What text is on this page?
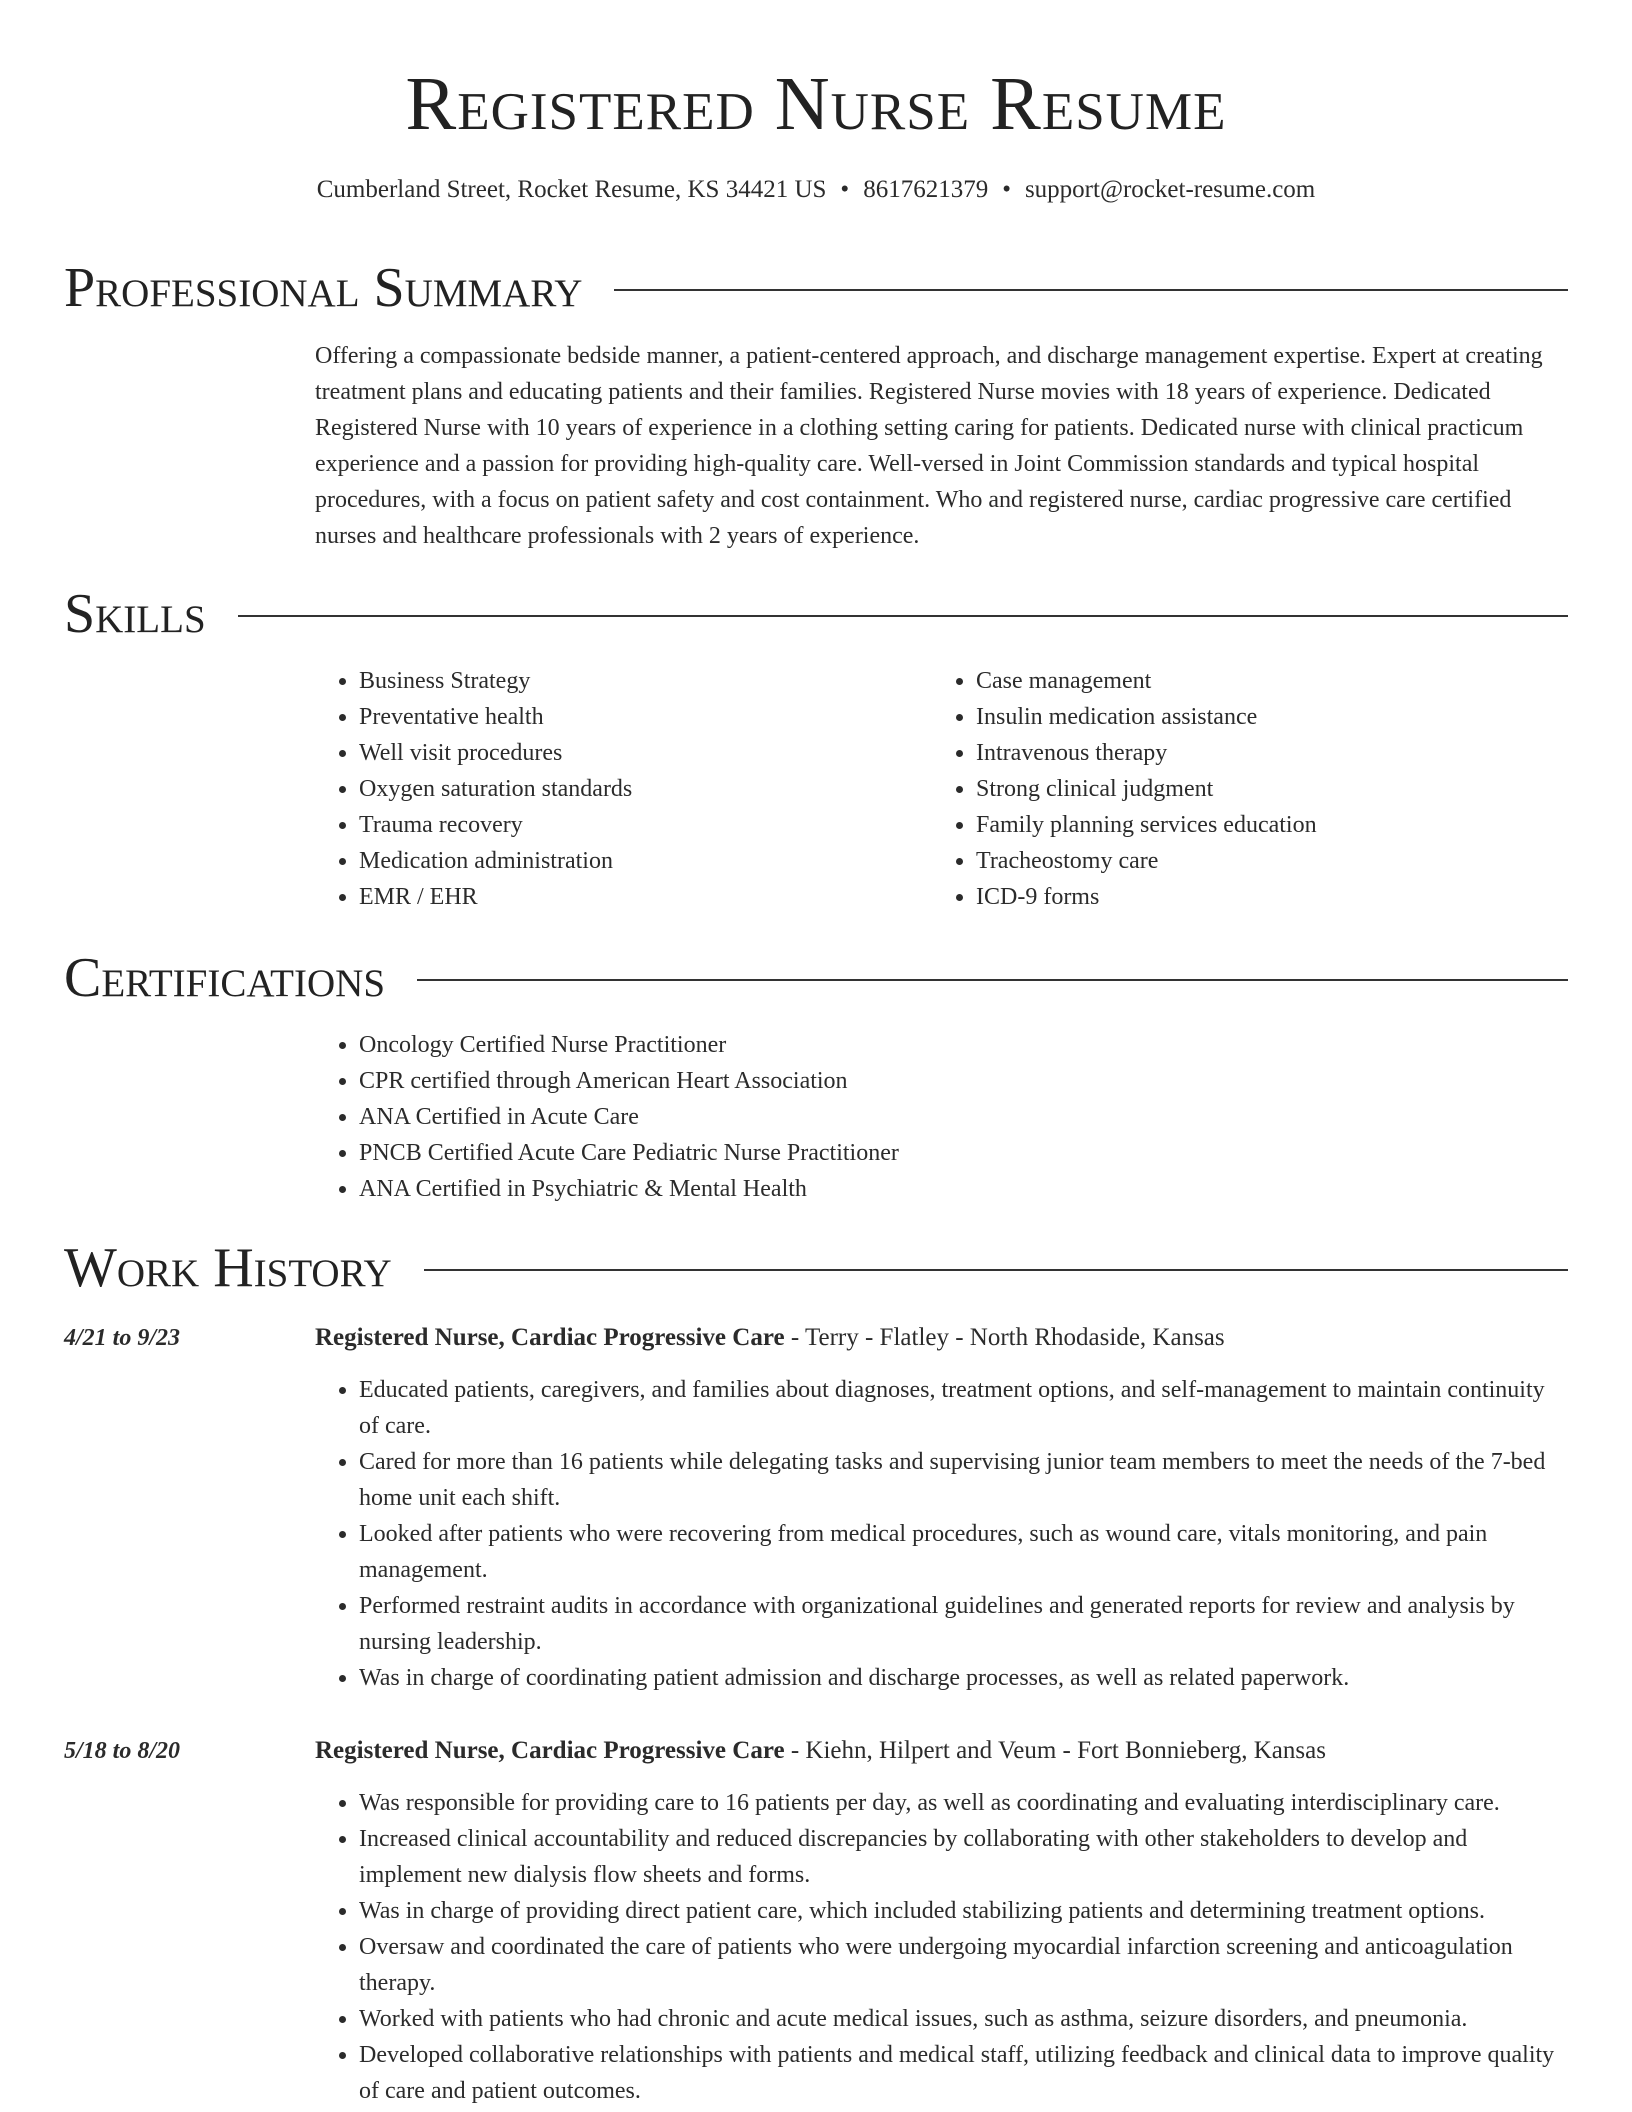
Registered Nurse Resume
Cumberland Street, Rocket Resume, KS 34421 US • 8617621379 • support@rocket-resume.com
Professional Summary

Offering a compassionate bedside manner, a patient-centered approach, and discharge management expertise. Expert at creating treatment plans and educating patients and their families. Registered Nurse movies with 18 years of experience. Dedicated Registered Nurse with 10 years of experience in a clothing setting caring for patients. Dedicated nurse with clinical practicum experience and a passion for providing high-quality care. Well-versed in Joint Commission standards and typical hospital procedures, with a focus on patient safety and cost containment. Who and registered nurse, cardiac progressive care certified nurses and healthcare professionals with 2 years of experience.

Skills
• Business Strategy
• Preventative health
• Well visit procedures
• Oxygen saturation standards
• Trauma recovery
• Medication administration
• EMR / EHR
• Case management
• Insulin medication assistance
• Intravenous therapy
• Strong clinical judgment
• Family planning services education
• Tracheostomy care
• ICD-9 forms
Certifications
• Oncology Certified Nurse Practitioner
• CPR certified through American Heart Association
• ANA Certified in Acute Care
• PNCB Certified Acute Care Pediatric Nurse Practitioner
• ANA Certified in Psychiatric & Mental Health
Work History
4/21 to 9/23	Registered Nurse, Cardiac Progressive Care - Terry - Flatley - North Rhodaside, Kansas
• Educated patients, caregivers, and families about diagnoses, treatment options, and self-management to maintain continuity of care.
• Cared for more than 16 patients while delegating tasks and supervising junior team members to meet the needs of the 7-bed home unit each shift.
• Looked after patients who were recovering from medical procedures, such as wound care, vitals monitoring, and pain management.
• Performed restraint audits in accordance with organizational guidelines and generated reports for review and analysis by nursing leadership.
• Was in charge of coordinating patient admission and discharge processes, as well as related paperwork.
5/18 to 8/20	Registered Nurse, Cardiac Progressive Care - Kiehn, Hilpert and Veum - Fort Bonnieberg, Kansas
• Was responsible for providing care to 16 patients per day, as well as coordinating and evaluating interdisciplinary care.
• Increased clinical accountability and reduced discrepancies by collaborating with other stakeholders to develop and implement new dialysis flow sheets and forms.
• Was in charge of providing direct patient care, which included stabilizing patients and determining treatment options.
• Oversaw and coordinated the care of patients who were undergoing myocardial infarction screening and anticoagulation therapy.
• Worked with patients who had chronic and acute medical issues, such as asthma, seizure disorders, and pneumonia.
• Developed collaborative relationships with patients and medical staff, utilizing feedback and clinical data to improve quality of care and patient outcomes.
